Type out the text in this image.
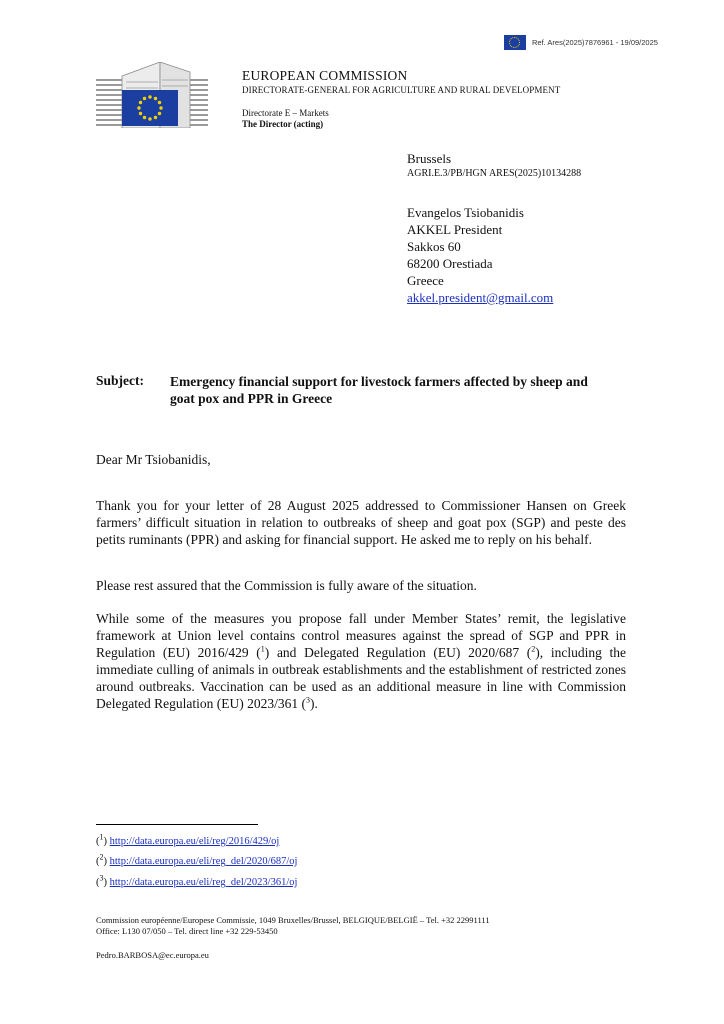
Ref. Ares(2025)7876961 - 19/09/2025
EUROPEAN COMMISSION
DIRECTORATE-GENERAL FOR AGRICULTURE AND RURAL DEVELOPMENT
Directorate E – Markets
The Director (acting)
Brussels
AGRI.E.3/PB/HGN ARES(2025)10134288
Evangelos Tsiobanidis
AKKEL President
Sakkos 60
68200 Orestiada
Greece
akkel.president@gmail.com
Subject: Emergency financial support for livestock farmers affected by sheep and goat pox and PPR in Greece
Dear Mr Tsiobanidis,
Thank you for your letter of 28 August 2025 addressed to Commissioner Hansen on Greek farmers’ difficult situation in relation to outbreaks of sheep and goat pox (SGP) and peste des petits ruminants (PPR) and asking for financial support. He asked me to reply on his behalf.
Please rest assured that the Commission is fully aware of the situation.
While some of the measures you propose fall under Member States’ remit, the legislative framework at Union level contains control measures against the spread of SGP and PPR in Regulation (EU) 2016/429 ($^1$) and Delegated Regulation (EU) 2020/687 ($^2$), including the immediate culling of animals in outbreak establishments and the establishment of restricted zones around outbreaks. Vaccination can be used as an additional measure in line with Commission Delegated Regulation (EU) 2023/361 ($^3$).
($^1$) http://data.europa.eu/eli/reg/2016/429/oj
($^2$) http://data.europa.eu/eli/reg_del/2020/687/oj
($^3$) http://data.europa.eu/eli/reg_del/2023/361/oj
Commission européenne/Europese Commissie, 1049 Bruxelles/Brussel, BELGIQUE/BELGIË – Tel. +32 22991111
Office: L130 07/050 – Tel. direct line +32 229-53450
Pedro.BARBOSA@ec.europa.eu
